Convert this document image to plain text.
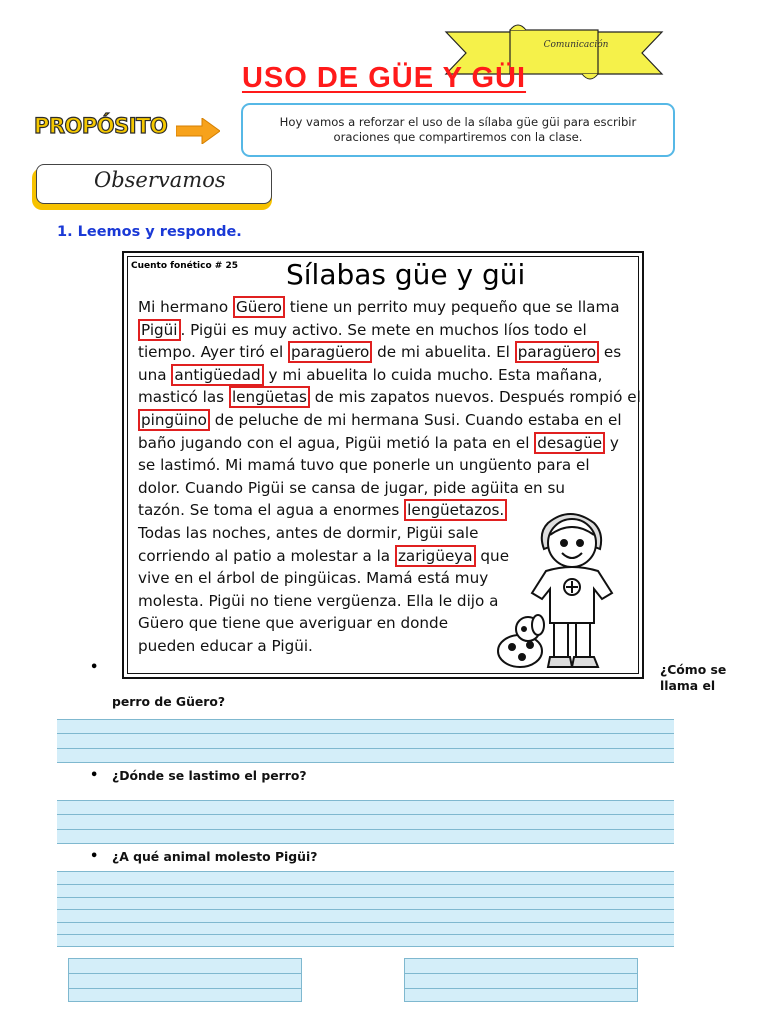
Comunicación
USO DE GÜE Y GÜI
PROPÓSITO	Hoy vamos a reforzar el uso de la sílaba güe güi para escribir oraciones que compartiremos con la clase.
Observamos
1. Leemos y responde.
Cuento fonético # 25 Sílabas güe y güi
Mi hermano Güero tiene un perrito muy pequeño que se llama
Pigüi . Pigüi es muy activo. Se mete en muchos líos todo el
tiempo. Ayer tiró el paragüero de mi abuelita. El paragüero es
una antigüedad y mi abuelita lo cuida mucho. Esta mañana,
masticó las lengüetas de mis zapatos nuevos. Después rompió el
pingüino de peluche de mi hermana Susi. Cuando estaba en el
baño jugando con el agua, Pigüi metió la pata en el desagüe y
se lastimó. Mi mamá tuvo que ponerle un ungüento para el
dolor. Cuando Pigüi se cansa de jugar, pide agüita en su
tazón. Se toma el agua a enormes lengüetazos.
Todas las noches, antes de dormir, Pigüi sale
corriendo al patio a molestar a la zarigüeya que
vive en el árbol de pingüicas. Mamá está muy
molesta. Pigüi no tiene vergüenza. Ella le dijo a
Güero que tiene que averiguar en donde
pueden educar a Pigüi.
•	¿Cómo se llama el
perro de Güero?
• ¿Dónde se lastimo el perro?
• ¿A qué animal molesto Pigüi?
